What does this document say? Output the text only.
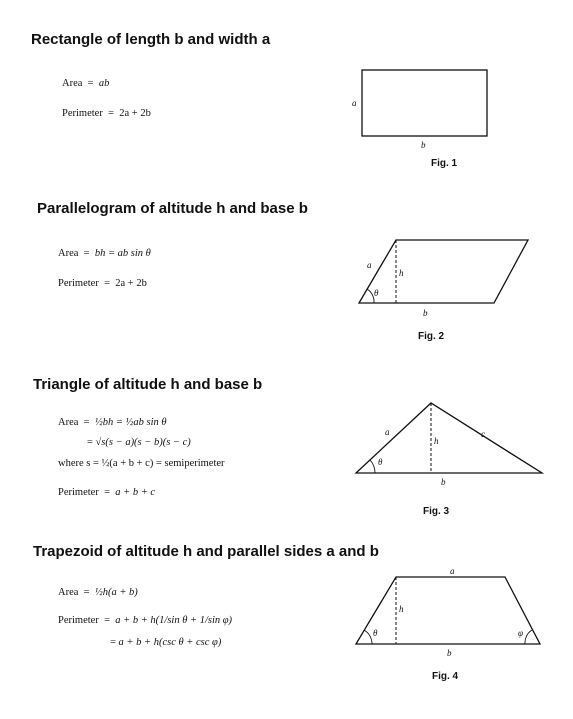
Rectangle of length b and width a
Area  =  ab
Perimeter  =  2a + 2b
a
b
Fig. 1
Parallelogram of altitude h and base b
Area  =  bh = ab sin θ
Perimeter  =  2a + 2b
a
h
θ
b
Fig. 2
Triangle of altitude h and base b
Area  =  ½bh = ½ab sin θ
= √s(s − a)(s − b)(s − c)
where s = ½(a + b + c) = semiperimeter
Perimeter  =  a + b + c
a
h
c
θ
b
Fig. 3
Trapezoid of altitude h and parallel sides a and b
Area  =  ½h(a + b)
Perimeter  =  a + b + h(1/sin θ + 1/sin φ)
= a + b + h(csc θ + csc φ)
a
h
θ	φ
b
Fig. 4
